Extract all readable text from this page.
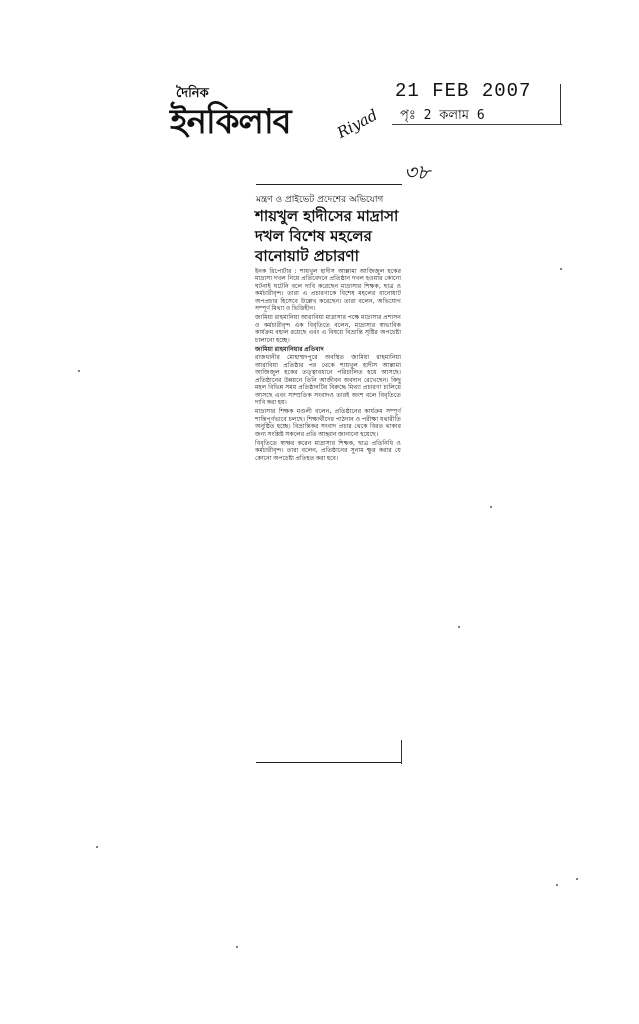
দৈনিক
ইনকিলাব
21 FEB 2007
পৃঃ 2 কলাম 6
Riyad
৩৮
মন্ত্রণ ও প্রাইভেট প্রদেশের অভিযোগ
শায়খুল হাদীসের মাদ্রাসা দখল বিশেষ মহলের বানোয়াট প্রচারণা

ইনক রিপোর্টার : শায়খুল হাদীস আল্লামা আজিজুল হকের মাদ্রাসা দখল নিয়ে প্রতিবেদনে প্রতিষ্ঠান দখল হওয়ার কোনো ঘটনাই ঘটেনি বলে দাবি করেছেন মাদ্রাসার শিক্ষক, ছাত্র ও কর্মচারীবৃন্দ। তারা এ প্রচারণাকে বিশেষ মহলের বানোয়াট অপপ্রচার হিসেবে উল্লেখ করেছেন। তারা বলেন, অভিযোগ সম্পূর্ণ মিথ্যা ও ভিত্তিহীন।

জামিয়া রাহমানিয়া আরাবিয়া মাদ্রাসার পক্ষে মাদ্রাসার প্রশাসন ও কর্মচারীবৃন্দ এক বিবৃতিতে বলেন, মাদ্রাসার স্বাভাবিক কার্যক্রম বহাল রয়েছে এবং এ বিষয়ে বিভ্রান্তি সৃষ্টির অপচেষ্টা চালানো হচ্ছে।

জামিয়া রাহমানিয়ার প্রতিবাদ

রাজধানীর মোহাম্মদপুরে অবস্থিত জামিয়া রাহমানিয়া আরাবিয়া প্রতিষ্ঠার পর থেকে শায়খুল হাদীস আল্লামা আজিজুল হকের তত্ত্বাবধানে পরিচালিত হয়ে আসছে। প্রতিষ্ঠানের উন্নয়নে তিনি আজীবন অবদান রেখেছেন। কিছু মহল বিভিন্ন সময় প্রতিষ্ঠানটির বিরুদ্ধে মিথ্যা প্রচারণা চালিয়ে আসছে এবং সাম্প্রতিক সংবাদও তারই অংশ বলে বিবৃতিতে দাবি করা হয়।

মাদ্রাসার শিক্ষক মণ্ডলী বলেন, প্রতিষ্ঠানের কার্যক্রম সম্পূর্ণ শান্তিপূর্ণভাবে চলছে। শিক্ষার্থীদের পাঠদান ও পরীক্ষা যথারীতি অনুষ্ঠিত হচ্ছে। বিভ্রান্তিকর সংবাদ প্রচার থেকে বিরত থাকার জন্য সংশ্লিষ্ট সকলের প্রতি আহ্বান জানানো হয়েছে।

বিবৃতিতে স্বাক্ষর করেন মাদ্রাসার শিক্ষক, ছাত্র প্রতিনিধি ও কর্মচারীবৃন্দ। তারা বলেন, প্রতিষ্ঠানের সুনাম ক্ষুণ্ণ করার যে কোনো অপচেষ্টা প্রতিহত করা হবে।
